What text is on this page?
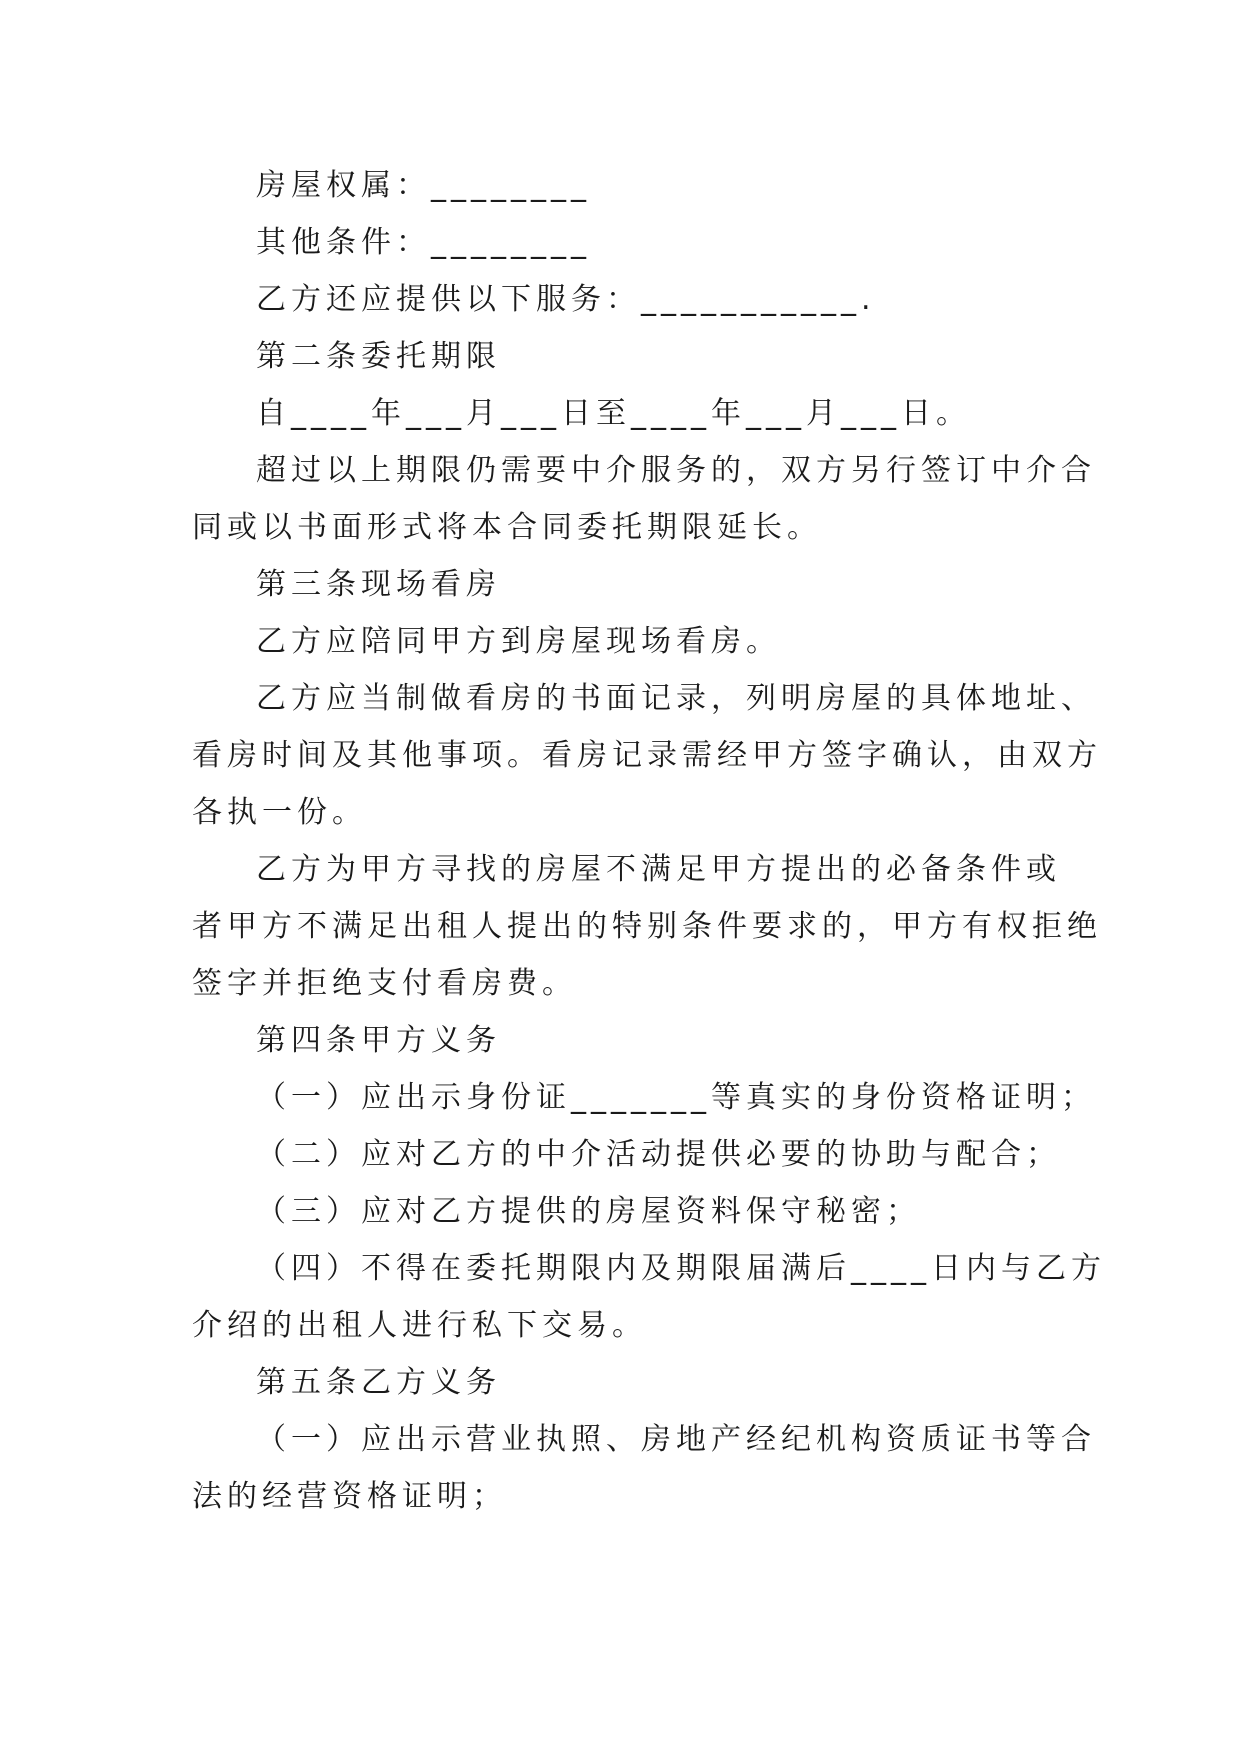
房屋权属：________
其他条件：________
乙方还应提供以下服务：___________.
第二条委托期限
自____年___月___日至____年___月___日。
超过以上期限仍需要中介服务的，双方另行签订中介合
同或以书面形式将本合同委托期限延长。
第三条现场看房
乙方应陪同甲方到房屋现场看房。
乙方应当制做看房的书面记录，列明房屋的具体地址、
看房时间及其他事项。看房记录需经甲方签字确认，由双方
各执一份。
乙方为甲方寻找的房屋不满足甲方提出的必备条件或
者甲方不满足出租人提出的特别条件要求的，甲方有权拒绝
签字并拒绝支付看房费。
第四条甲方义务
（一）应出示身份证_______等真实的身份资格证明；
（二）应对乙方的中介活动提供必要的协助与配合；
（三）应对乙方提供的房屋资料保守秘密；
（四）不得在委托期限内及期限届满后____日内与乙方
介绍的出租人进行私下交易。
第五条乙方义务
（一）应出示营业执照、房地产经纪机构资质证书等合
法的经营资格证明；
